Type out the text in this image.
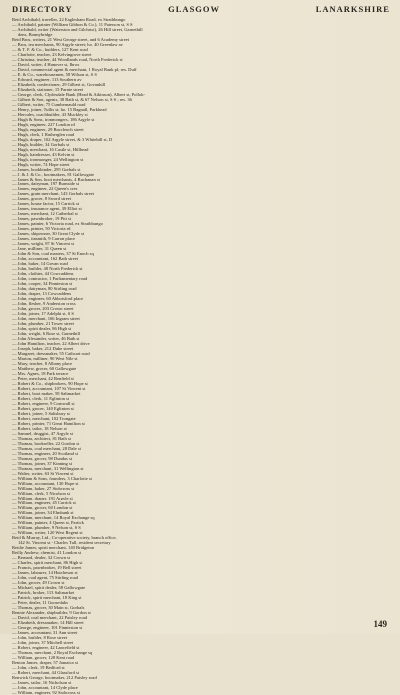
DIRECTORY	GLASGOW	LANARKSHIRE
Reid Archibald, traveller, 22 Eaglesham Road, ex Strathbungo
— Archibald, painter (William Gibbon & Co.), 11 Paterson st, S S
— Archibald, writer (Waterston and Gilchrist), 26 Hill street, Garnethill
dens, Bonnybridge
Reid Bros, writers, 21 West George street, and 6 Academy street
— Bros, tea merchants, 90 Argyle street; ho. 40 Greenlaw av
— & T. F. & Co., builders, 127 Kent road
— Charlotte, teacher, 23 Kelvingrove street
— Christina, teacher, 44 Woodlands road, North Frederick st
— David, writer, 4 Hanover st, Ibrox
— David, commercial agent & merchant, 1 Royal Bank pl; res. Duff
— E. & Co., warehousemen, 58 Wilson st, S S
— Edward, engineer, 113 Southern av
— Elizabeth, confectioner, 29 Gilbert st, Govanhill
— Elizabeth, stationer, 15 Parnie street
— George, clerk, Clydesdale Bank (Head & Atkinson), Albert st, Pollok-
— Gilbert & Son, agents, 38 Bath st, & 67 Nelson st, S S ; res. 36
— Gilbert, writer, 75 Cumbernauld road
— Henry, joiner, Tullis st; ho. 15 Bagnall, Parkhead
— Hercules, coachbuilder, 43 Muckley st
— Hugh & Sons, ironmongers, 186 Argyle st
— Hugh, engineer, 227 London rd
— Hugh, engineer, 29 Buccleuch street
— Hugh, clerk, 1 Rutherglen road
— Hugh, draper, 102 Argyle street, & 3 Whitehill st, D
— Hugh, builder, 34 Gorbals st
— Hugh, merchant, 16 Castle st, Hillhead
— Hugh, hairdresser, 43 Kelvin st
— Hugh, ironmonger, 24 Wellington st
— Hugh, writer, 74 Hope street
— James, bookbinder, 295 Gorbals st
— J. & J. & Co., bootmakers, 81 Gallowgate
— James & Son, boot merchants, 4 Buchanan st
— James, dairyman, 197 Burnside st
— James, engineer, 22 Queen's cres
— James, grain merchant, 143 Gorbals street
— James, grocer, 8 Sword street
— James, house factor, 15 Carrick st
— James, insurance agent, 39 Elliot st
— James, merchant, 12 Cathedral st
— James, pawnbroker, 19 Pitt st
— James, painter, 6 Victoria road, ex Strathbungo
— James, printer, 50 Victoria rd
— James, shipowner, 30 Great Clyde st
— James, tinsmith, 9 Carron place
— James, wright, 87 St Vincent st
— Jane, milliner, 31 Queen st
— John & Son, coal masters, 37 St Enoch sq
— John, accountant, 162 Bath street
— John, baker, 14 Govan road
— John, builder, 48 North Frederick st
— John, clothier, 44 Cowcaddens
— John, contractor, 1 Parliamentary road
— John, cooper, 34 Finnieston st
— John, dairyman, 80 Stirling road
— John, draper, 13 Cowcaddens
— John, engineer, 60 Abbotsford place
— John, flesher, 9 Anderston cross
— John, grocer, 203 Crown street
— John, joiner, 17 Adelphi st, S S
— John, merchant, 166 Ingram street
— John, plumber, 21 Tower street
— John, spirit dealer, 86 High st
— John, wright, 6 Rose st, Garnethill
— John Alexander, writer, 46 Bath st
— John Hamilton, teacher, 22 Albert drive
— Joseph, baker, 212 Duke street
— Margaret, dressmaker, 55 Cathcart road
— Marion, milliner, 90 West Nile st
— Mary, teacher, 8 Albany place
— Matthew, grocer, 60 Gallowgate
— Mrs. Agnes, 18 Park terrace
— Peter, merchant, 42 Renfield st
— Robert & Co., shipbrokers, 90 Hope st
— Robert, accountant, 107 St Vincent st
— Robert, boot maker, 58 Saltmarket
— Robert, clerk, 11 Eglinton st
— Robert, engineer, 9 Cornwall st
— Robert, grocer, 140 Eglinton st
— Robert, joiner, 5 Salisbury st
— Robert, merchant, 102 Trongate
— Robert, printer, 71 Great Hamilton st
— Robert, tailor, 18 Nelson st
— Samuel, druggist, 47 Argyle st
— Thomas, architect, 81 Bath st
— Thomas, bookseller, 22 Gordon st
— Thomas, coal merchant, 28 Dale st
— Thomas, engineer, 20 Scotland st
— Thomas, grocer, 98 Dundas st
— Thomas, joiner, 37 Kinning st
— Thomas, merchant, 31 Wellington st
— Walter, writer, 63 St Vincent st
— William & Sons, founders, 3 Charlotte st
— William, accountant, 130 Hope st
— William, baker, 27 Stobcross st
— William, clerk, 5 Nicolson st
— William, draper, 191 Argyle st
— William, engineer, 45 Carrick st
— William, grocer, 60 London st
— William, joiner, 34 Elmbank st
— William, merchant, 14 Royal Exchange sq
— William, painter, 4 Queen st, Partick
— William, plumber, 9 Nelson st, S S
— William, writer, 120 West Regent st
Reid & Murray, Ltd., Co-operative society, branch office,
142 St. Vincent st - Charles Tull, resident secretary
Reidie James, spirit merchant, 140 Bridgeton
Reilly Andrew, chemist, 41 London st
— Bernard, dealer, 32 Crown st
— Charles, spirit merchant, 86 High st
— Francis, pawnbroker, 19 Bell street
— James, labourer, 14 Hutcheson st
— John, coal agent, 75 Stirling road
— John, grocer, 49 Crown st
— Michael, spirit dealer, 58 Gallowgate
— Patrick, broker, 113 Saltmarket
— Patrick, spirit merchant, 18 King st
— Peter, dealer, 11 Goosedubs
— Thomas, grocer, 30 Main st, Gorbals
Rennie Alexander, shipbuilder, 9 Gordon st
— David, coal merchant, 22 Paisley road
— Elizabeth, dressmaker, 14 Hill street
— George, engineer, 101 Finnieston st
— James, accountant, 31 Ann street
— John, builder, 8 Rose street
— John, joiner, 37 Mitchell street
— Robert, engineer, 42 Lancefield st
— Thomas, merchant, 2 Royal Exchange sq
— William, grocer, 128 Kent road
Renton James, draper, 57 Jamaica st
— John, clerk, 19 Bedford st
— Robert, merchant, 44 Glassford st
Renwick George, bootmaker, 212 Paisley road
— James, tailor, 16 Nicholson st
— John, accountant, 14 Clyde place
— William, engineer, 92 Stobcross st
149
